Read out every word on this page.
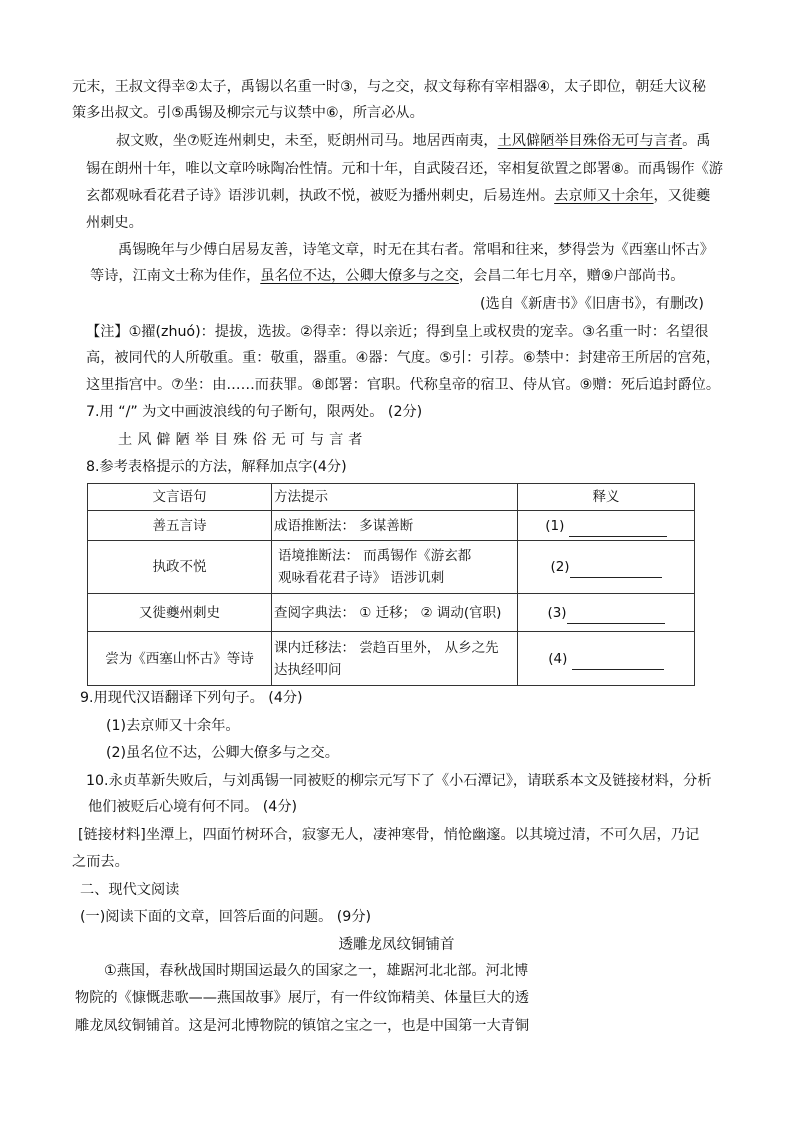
元末，王叔文得幸②太子，禹锡以名重一时③，与之交，叔文每称有宰相器④，太子即位，朝廷大议秘
策多出叔文。引⑤禹锡及柳宗元与议禁中⑥，所言必从。
叔文败，坐⑦贬连州刺史，未至，贬朗州司马。地居西南夷，土风僻陋举目殊俗无可与言者。禹
锡在朗州十年，唯以文章吟咏陶冶性情。元和十年，自武陵召还，宰相复欲置之郎署⑧。而禹锡作《游
玄都观咏看花君子诗》语涉讥刺，执政不悦，被贬为播州刺史，后易连州。去京师又十余年，又徙夔
州刺史。
禹锡晚年与少傅白居易友善，诗笔文章，时无在其右者。常唱和往来，梦得尝为《西塞山怀古》
等诗，江南文士称为佳作，虽名位不达，公卿大僚多与之交，会昌二年七月卒，赠⑨户部尚书。
(选自《新唐书》《旧唐书》，有删改)
【注】①擢(zhuó)：提拔，选拔。②得幸：得以亲近；得到皇上或权贵的宠幸。③名重一时：名望很
高，被同代的人所敬重。重：敬重，器重。④器：气度。⑤引：引荐。⑥禁中：封建帝王所居的宫苑，
这里指宫中。⑦坐：由……而获罪。⑧郎署：官职。代称皇帝的宿卫、侍从官。⑨赠：死后追封爵位。
7.用 “/” 为文中画波浪线的句子断句，限两处。 (2分)
土风僻陋举目殊俗无可与言者
8.参考表格提示的方法，解释加点字(4分)
文言语句	方法提示	释义
善五言诗	成语推断法： 多谋善断	(1)
执政不悦	语境推断法： 而禹锡作《游玄都
观咏看花君子诗》 语涉讥刺	(2)
又徙夔州刺史	查阅字典法： ① 迁移； ② 调动(官职)	(3)
尝为《西塞山怀古》等诗	课内迁移法： 尝趋百里外， 从乡之先
达执经叩问	(4)
9.用现代汉语翻译下列句子。 (4分)
(1)去京师又十余年。
(2)虽名位不达，公卿大僚多与之交。
10.永贞革新失败后，与刘禹锡一同被贬的柳宗元写下了《小石潭记》，请联系本文及链接材料，分析
他们被贬后心境有何不同。 (4分)
[链接材料]坐潭上，四面竹树环合，寂寥无人，凄神寒骨，悄怆幽邃。以其境过清，不可久居，乃记
之而去。
二、现代文阅读
(一)阅读下面的文章，回答后面的问题。 (9分)
透雕龙凤纹铜铺首
①燕国，春秋战国时期国运最久的国家之一，雄踞河北北部。河北博
物院的《慷慨悲歌——燕国故事》展厅，有一件纹饰精美、体量巨大的透
雕龙凤纹铜铺首。这是河北博物院的镇馆之宝之一，也是中国第一大青铜
